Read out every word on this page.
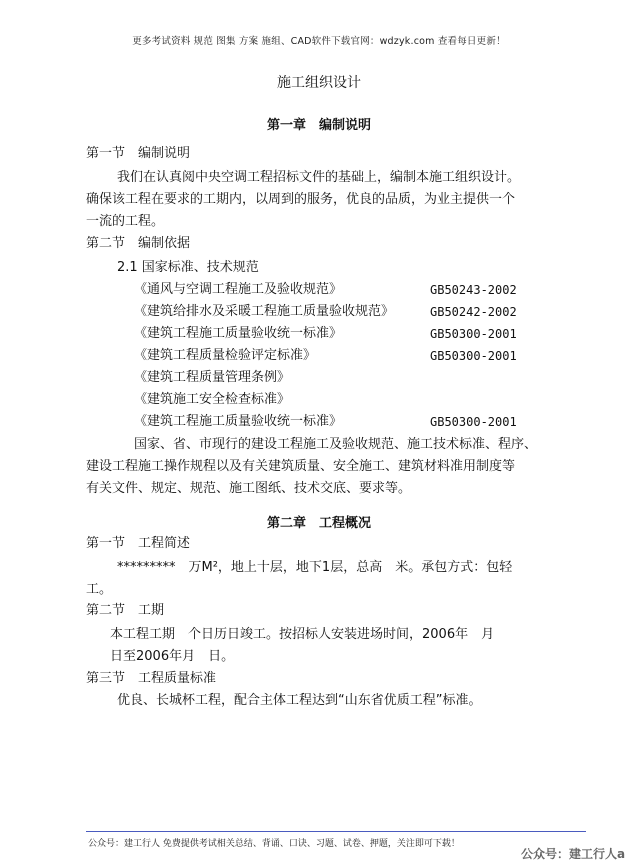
更多考试资料 规范 图集 方案 施组、CAD软件下载官网：wdzyk.com 查看每日更新！
施工组织设计
第一章　编制说明
第一节　编制说明
我们在认真阅中央空调工程招标文件的基础上，编制本施工组织设计。
确保该工程在要求的工期内，以周到的服务，优良的品质，为业主提供一个
一流的工程。
第二节　编制依据
2.1 国家标准、技术规范
《通风与空调工程施工及验收规范》	GB50243-2002
《建筑给排水及采暖工程施工质量验收规范》	GB50242-2002
《建筑工程施工质量验收统一标准》	GB50300-2001
《建筑工程质量检验评定标准》	GB50300-2001
《建筑工程质量管理条例》
《建筑施工安全检查标准》
《建筑工程施工质量验收统一标准》	GB50300-2001
国家、省、市现行的建设工程施工及验收规范、施工技术标准、程序、
建设工程施工操作规程以及有关建筑质量、安全施工、建筑材料准用制度等
有关文件、规定、规范、施工图纸、技术交底、要求等。
第二章　工程概况
第一节　工程简述
*********　万M²，地上十层，地下1层，总高　米。承包方式：包轻
工。
第二节　工期
本工程工期　个日历日竣工。按招标人安装进场时间，2006年　月
日至2006年月　日。
第三节　工程质量标准
优良、长城杯工程，配合主体工程达到“山东省优质工程”标准。
公众号：建工行人 免费提供考试相关总结、背诵、口诀、习题、试卷、押题，关注即可下载！
公众号：建工行人a
